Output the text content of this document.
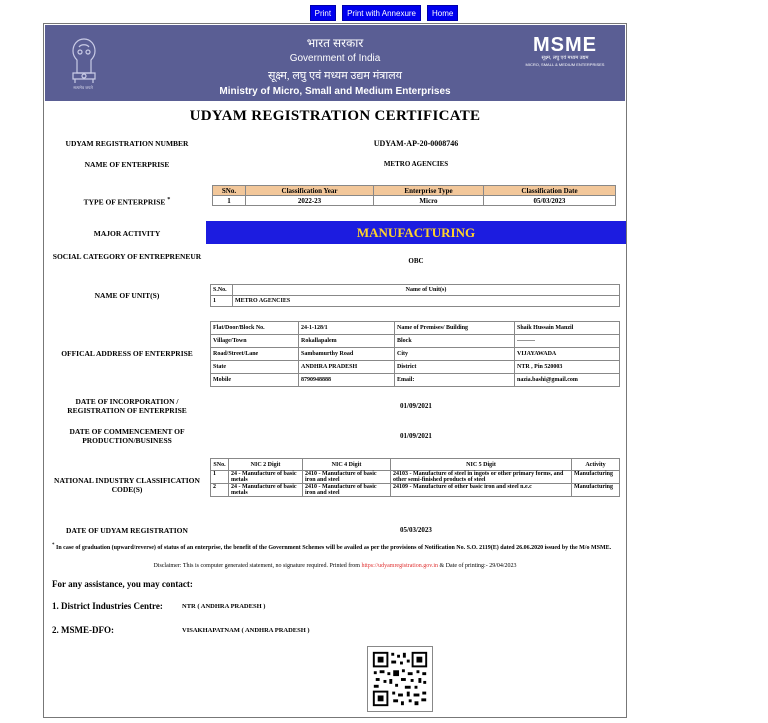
Print Print with Annexure Home
सत्यमेव जयते
भारत सरकार
Government of India
सूक्ष्म, लघु एवं मध्यम उद्यम मंत्रालय
Ministry of Micro, Small and Medium Enterprises
MSME
सूक्ष्म, लघु एवं मध्यम उद्यम
MICRO, SMALL & MEDIUM ENTERPRISES
UDYAM REGISTRATION CERTIFICATE
UDYAM REGISTRATION NUMBER	UDYAM-AP-20-0008746
NAME OF ENTERPRISE	METRO AGENCIES
TYPE OF ENTERPRISE *
SNo.	Classification Year	Enterprise Type	Classification Date
1	2022-23	Micro	05/03/2023
MAJOR ACTIVITY	MANUFACTURING
SOCIAL CATEGORY OF ENTREPRENEUR	OBC
NAME OF UNIT(S)
S.No.	Name of Unit(s)
1	METRO AGENCIES
OFFICAL ADDRESS OF ENTERPRISE
Flat/Door/Block No.	24-1-128/1	Name of Premises/ Building	Shaik Hussain Manzil
Village/Town	Rokallapalem	Block	---------
Road/Street/Lane	Sambamurthy Road	City	VIJAYAWADA
State	ANDHRA PRADESH	District	NTR , Pin 520003
Mobile	8790948888	Email:	nazia.bashi@gmail.com
DATE OF INCORPORATION / REGISTRATION OF ENTERPRISE	01/09/2021
DATE OF COMMENCEMENT OF PRODUCTION/BUSINESS	01/09/2021
NATIONAL INDUSTRY CLASSIFICATION CODE(S)
SNo.	NIC 2 Digit	NIC 4 Digit	NIC 5 Digit	Activity
1	24 - Manufacture of basic metals	2410 - Manufacture of basic iron and steel	24103 - Manufacture of steel in ingots or other primary forms, and other semi-finished products of steel	Manufacturing
2	24 - Manufacture of basic metals	2410 - Manufacture of basic iron and steel	24109 - Manufacture of other basic iron and steel n.e.c	Manufacturing
DATE OF UDYAM REGISTRATION	05/03/2023
* In case of graduation (upward/reverse) of status of an enterprise, the benefit of the Government Schemes will be availed as per the provisions of Notification No. S.O. 2119(E) dated 26.06.2020 issued by the M/o MSME.
Disclaimer: This is computer generated statement, no signature required. Printed from https://udyamregistration.gov.in & Date of printing:- 29/04/2023
For any assistance, you may contact:
1. District Industries Centre:	NTR ( ANDHRA PRADESH )
2. MSME-DFO:	VISAKHAPATNAM ( ANDHRA PRADESH )
